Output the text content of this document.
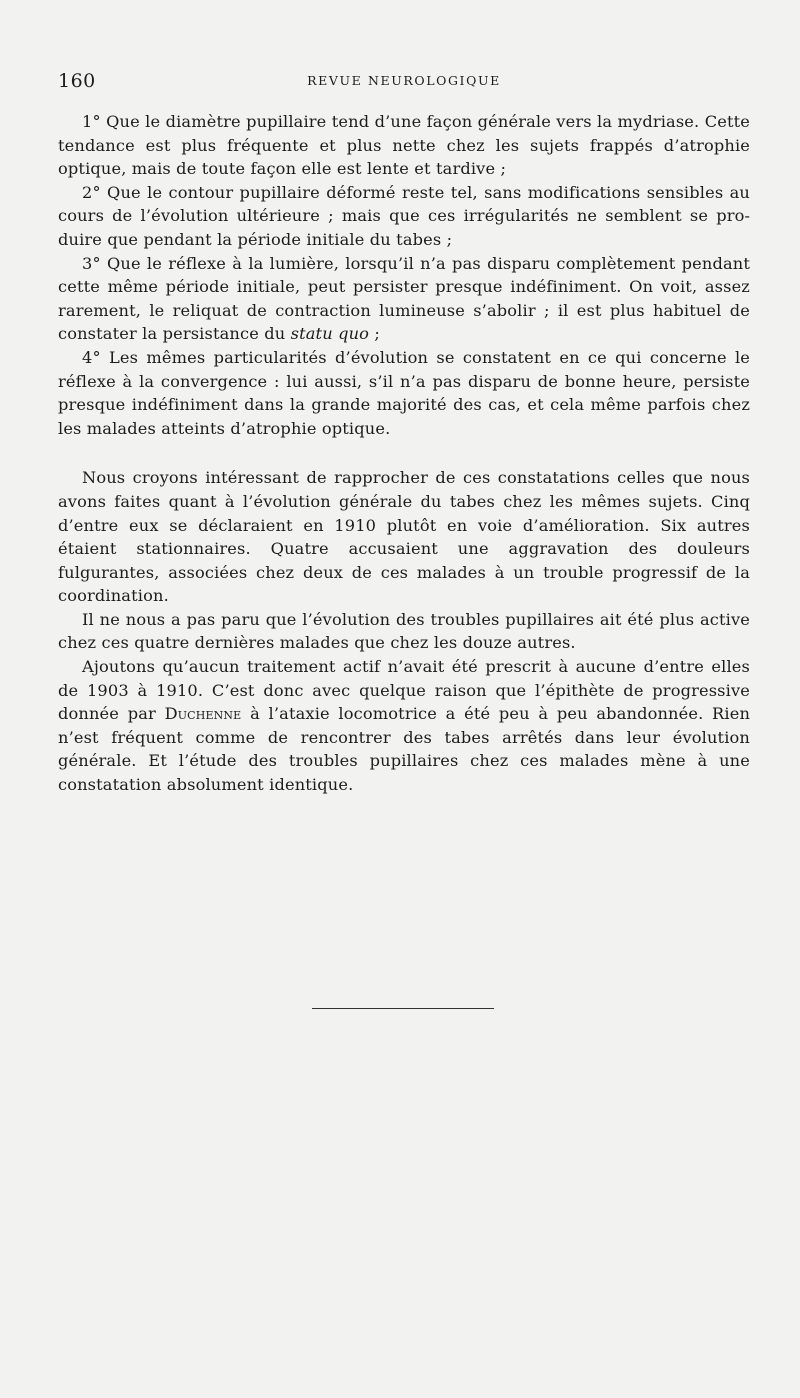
160	REVUE NEUROLOGIQUE

1° Que le diamètre pupillaire tend d’une façon générale vers la mydriase. Cette tendance est plus fréquente et plus nette chez les sujets frappés d’atrophie optique, mais de toute façon elle est lente et tardive ;

2° Que le contour pupillaire déformé reste tel, sans modifications sensibles au cours de l’évolution ultérieure ; mais que ces irrégularités ne semblent se produire que pendant la période initiale du tabes ;

3° Que le réflexe à la lumière, lorsqu’il n’a pas disparu complètement pendant cette même période initiale, peut persister presque indéfiniment. On voit, assez rarement, le reliquat de contraction lumineuse s’abolir ; il est plus habituel de constater la persistance du statu quo ;

4° Les mêmes particularités d’évolution se constatent en ce qui concerne le réflexe à la convergence : lui aussi, s’il n’a pas disparu de bonne heure, persiste presque indéfiniment dans la grande majorité des cas, et cela même parfois chez les malades atteints d’atrophie optique.

Nous croyons intéressant de rapprocher de ces constatations celles que nous avons faites quant à l’évolution générale du tabes chez les mêmes sujets. Cinq d’entre eux se déclaraient en 1910 plutôt en voie d’amélioration. Six autres étaient stationnaires. Quatre accusaient une aggravation des douleurs fulgurantes, associées chez deux de ces malades à un trouble progressif de la coordination.

Il ne nous a pas paru que l’évolution des troubles pupillaires ait été plus active chez ces quatre dernières malades que chez les douze autres.

Ajoutons qu’aucun traitement actif n’avait été prescrit à aucune d’entre elles de 1903 à 1910. C’est donc avec quelque raison que l’épithète de progressive donnée par Duchenne à l’ataxie locomotrice a été peu à peu abandonnée. Rien n’est fréquent comme de rencontrer des tabes arrêtés dans leur évolution générale. Et l’étude des troubles pupillaires chez ces malades mène à une constatation absolument identique.
